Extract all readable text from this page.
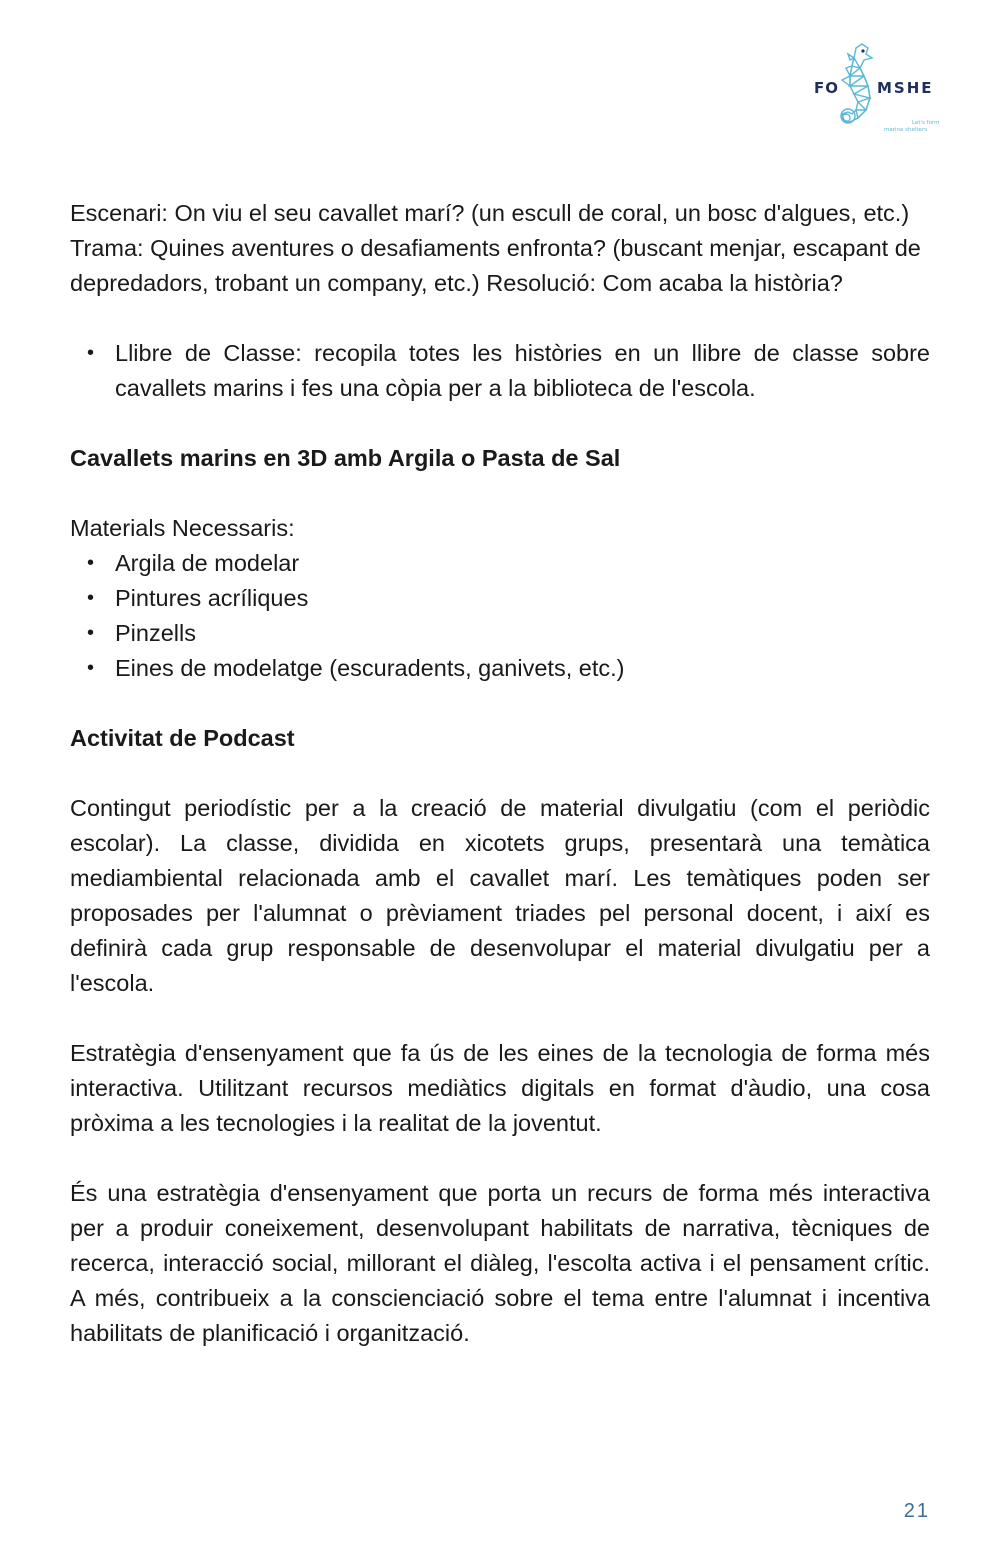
FO	MSHE
Let's form
marine shelters

Escenari: On viu el seu cavallet marí? (un escull de coral, un bosc d'algues, etc.) Trama: Quines aventures o desafiaments enfronta? (buscant menjar, escapant de depredadors, trobant un company, etc.) Resolució: Com acaba la història?

• Llibre de Classe: recopila totes les històries en un llibre de classe sobre cavallets marins i fes una còpia per a la biblioteca de l'escola.

Cavallets marins en 3D amb Argila o Pasta de Sal

Materials Necessaris:

• Argila de modelar
• Pintures acríliques
• Pinzells
• Eines de modelatge (escuradents, ganivets, etc.)

Activitat de Podcast

Contingut periodístic per a la creació de material divulgatiu (com el periòdic escolar). La classe, dividida en xicotets grups, presentarà una temàtica mediambiental relacionada amb el cavallet marí. Les temàtiques poden ser proposades per l'alumnat o prèviament triades pel personal docent, i així es definirà cada grup responsable de desenvolupar el material divulgatiu per a l'escola.

Estratègia d'ensenyament que fa ús de les eines de la tecnologia de forma més interactiva. Utilitzant recursos mediàtics digitals en format d'àudio, una cosa pròxima a les tecnologies i la realitat de la joventut.

És una estratègia d'ensenyament que porta un recurs de forma més interactiva per a produir coneixement, desenvolupant habilitats de narrativa, tècniques de recerca, interacció social, millorant el diàleg, l'escolta activa i el pensament crític. A més, contribueix a la conscienciació sobre el tema entre l'alumnat i incentiva habilitats de planificació i organització.

21
